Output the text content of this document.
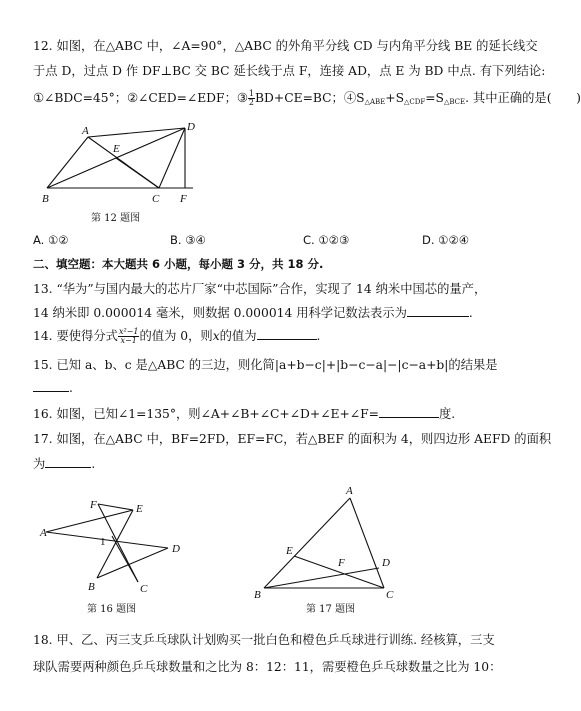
12. 如图，在△ABC 中，∠A=90°，△ABC 的外角平分线 CD 与内角平分线 BE 的延长线交
于点 D，过点 D 作 DF⊥BC 交 BC 延长线于点 F，连接 AD，点 E 为 BD 中点. 有下列结论:
①∠BDC=45°；②∠CED=∠EDF；③ $\frac{1}{2} BD+CE=BC$；$④S_{\triangle ABE}+S_{\triangle CDF}=S_{\triangle BCE}$. 其中正确的是(　　)
A
B	C
D
E
F
第 12 题图
A. ①②	B. ③④	C. ①②③	D. ①②④
二、填空题：本大题共 6 小题，每小题 3 分，共 18 分.
13. “华为”与国内最大的芯片厂家“中芯国际”合作，实现了 14 纳米中国芯的量产，
14 纳米即 0.000014 毫米，则数据 0.000014 用科学记数法表示为	.
14. 要使得分式 $\frac{\text{x²−1}}{x-1}$ 的值为 0，则x的值为	.
15. 已知 a、b、c 是△ABC 的三边，则化简|a+b−c|+|b−c−a|−|c−a+b|的结果是
.
16. 如图，已知∠1=135°，则∠A+∠B+∠C+∠D+∠E+∠F=	度.
17. 如图，在△ABC 中，BF=2FD，EF=FC，若△BEF 的面积为 4，则四边形 AEFD 的面积
为	.
A
B	C
D
E
F
1
第 16 题图
A
B	C
D
E
F
第 17 题图
18. 甲、乙、丙三支乒乓球队计划购买一批白色和橙色乒乓球进行训练. 经核算，三支
球队需要两种颜色乒乓球数量和之比为 8：12：11，需要橙色乒乓球数量之比为 10：
